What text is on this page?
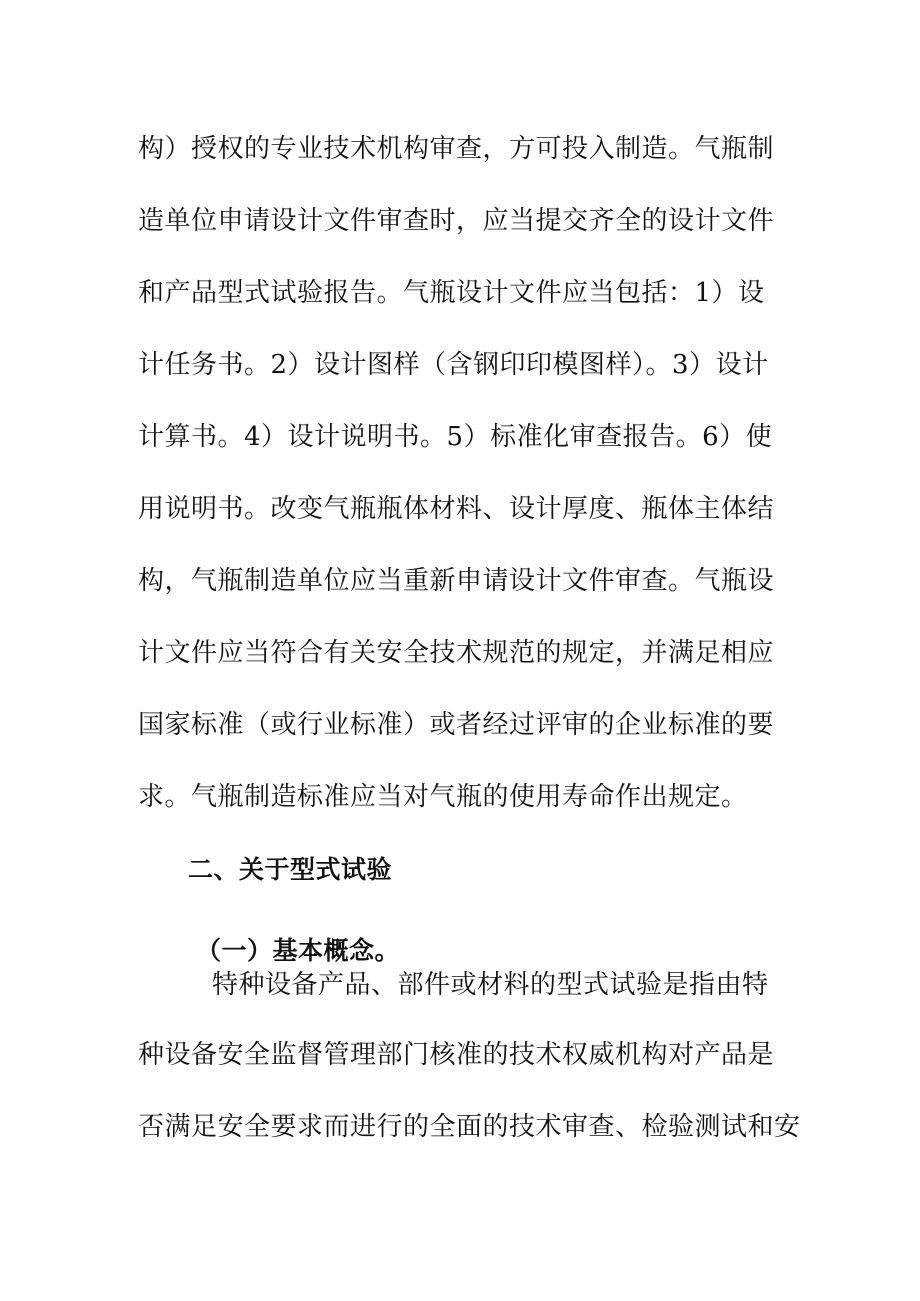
构）授权的专业技术机构审查，方可投入制造。气瓶制
造单位申请设计文件审查时，应当提交齐全的设计文件
和产品型式试验报告。气瓶设计文件应当包括：1）设
计任务书。2）设计图样（含钢印印模图样）。3）设计
计算书。4）设计说明书。5）标准化审查报告。6）使
用说明书。改变气瓶瓶体材料、设计厚度、瓶体主体结
构，气瓶制造单位应当重新申请设计文件审查。气瓶设
计文件应当符合有关安全技术规范的规定，并满足相应
国家标准（或行业标准）或者经过评审的企业标准的要
求。气瓶制造标准应当对气瓶的使用寿命作出规定。
二、关于型式试验
（一）基本概念。
特种设备产品、部件或材料的型式试验是指由特
种设备安全监督管理部门核准的技术权威机构对产品是
否满足安全要求而进行的全面的技术审查、检验测试和安
